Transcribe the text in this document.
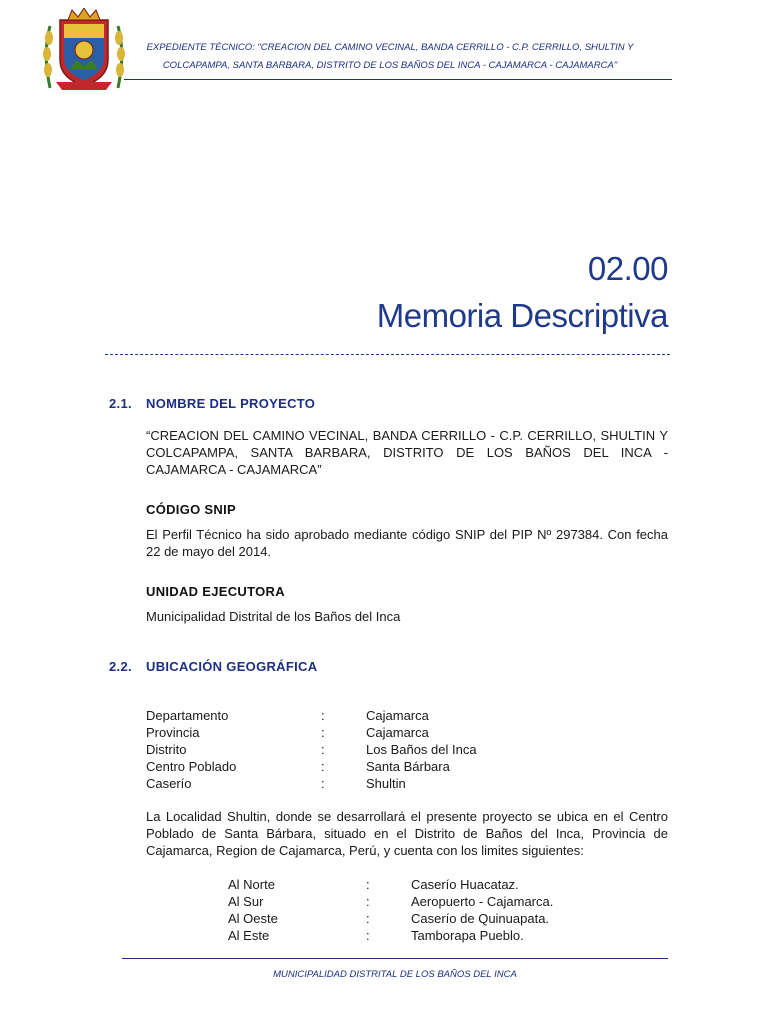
EXPEDIENTE TÉCNICO: "CREACION DEL CAMINO VECINAL, BANDA CERRILLO - C.P. CERRILLO, SHULTIN Y
COLCAPAMPA, SANTA BARBARA, DISTRITO DE LOS BAÑOS DEL INCA - CAJAMARCA - CAJAMARCA"
02.00
Memoria Descriptiva
2.1. NOMBRE DEL PROYECTO
“CREACION DEL CAMINO VECINAL, BANDA CERRILLO - C.P. CERRILLO, SHULTIN Y COLCAPAMPA, SANTA BARBARA, DISTRITO DE LOS BAÑOS DEL INCA - CAJAMARCA - CAJAMARCA”
CÓDIGO SNIP
El Perfil Técnico ha sido aprobado mediante código SNIP del PIP Nº 297384. Con fecha 22 de mayo del 2014.
UNIDAD EJECUTORA
Municipalidad Distrital de los Baños del Inca
2.2. UBICACIÓN GEOGRÁFICA
Departamento	:	Cajamarca
Provincia	:	Cajamarca
Distrito	:	Los Baños del Inca
Centro Poblado	:	Santa Bárbara
Caserío	:	Shultin
La Localidad Shultin, donde se desarrollará el presente proyecto se ubica en el Centro Poblado de Santa Bárbara, situado en el Distrito de Baños del Inca, Provincia de Cajamarca, Region de Cajamarca, Perú, y cuenta con los limites siguientes:
Al Norte	:	Caserío Huacataz.
Al Sur	:	Aeropuerto - Cajamarca.
Al Oeste	:	Caserío de Quinuapata.
Al Este	:	Tamborapa Pueblo.
MUNICIPALIDAD DISTRITAL DE LOS BAÑOS DEL INCA
